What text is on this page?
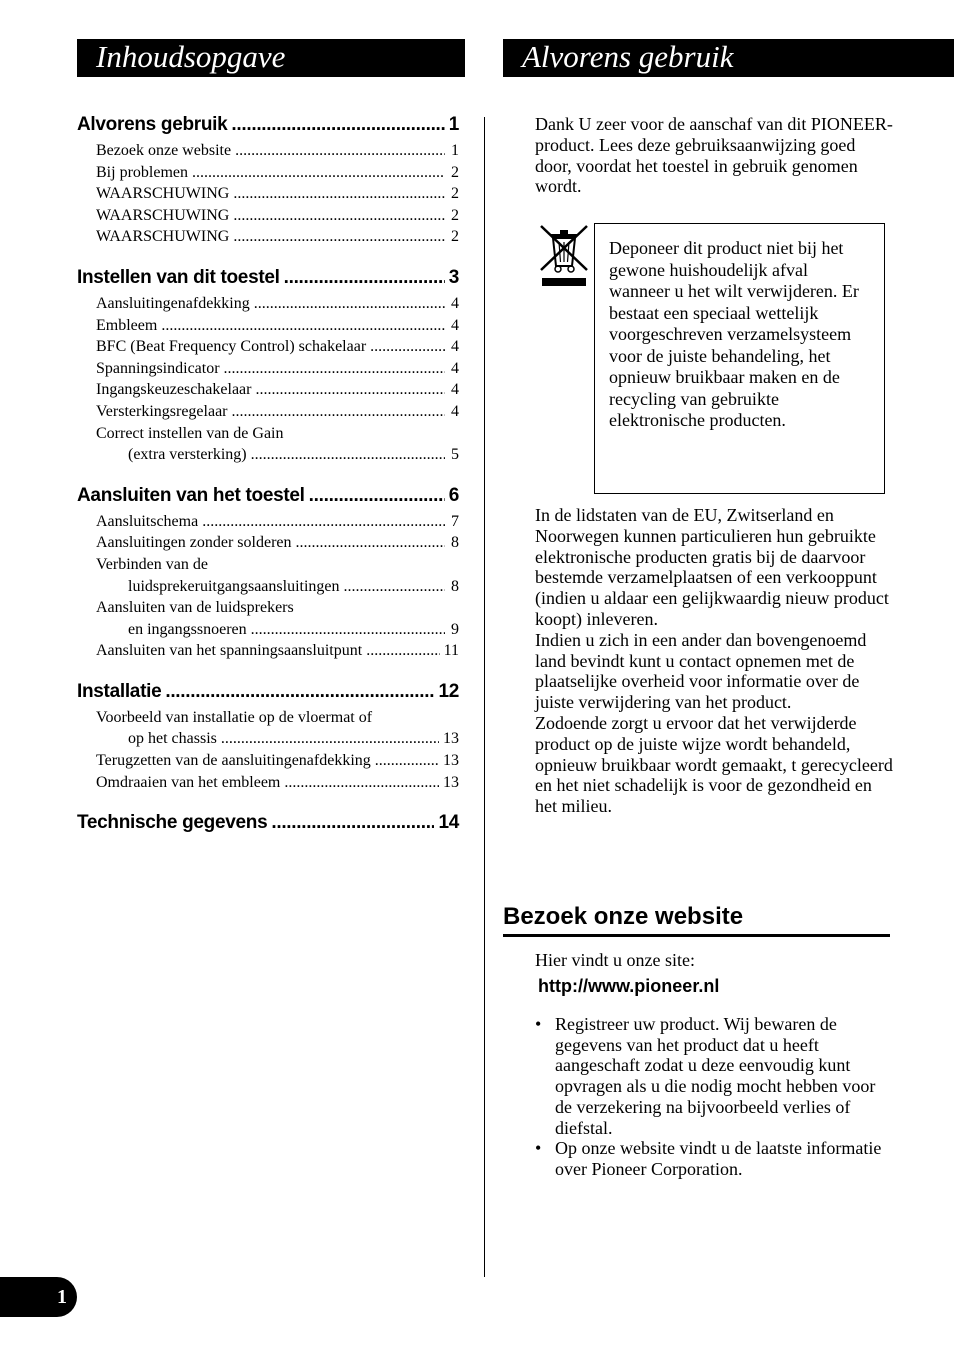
Inhoudsopgave	Alvorens gebruik
Alvorens gebruik .....	1
Bezoek onze website .....	1
Bij problemen .....	2
WAARSCHUWING .....	2
WAARSCHUWING .....	2
WAARSCHUWING .....	2
Instellen van dit toestel .....	3
Aansluitingenafdekking .....	4
Embleem .....	4
BFC (Beat Frequency Control) schakelaar .....	4
Spanningsindicator .....	4
Ingangskeuzeschakelaar .....	4
Versterkingsregelaar .....	4
Correct instellen van de Gain
(extra versterking) .....	5
Aansluiten van het toestel .....	6
Aansluitschema .....	7
Aansluitingen zonder solderen .....	8
Verbinden van de
luidsprekeruitgangsaansluitingen .....	8
Aansluiten van de luidsprekers
en ingangssnoeren .....	9
Aansluiten van het spanningsaansluitpunt .....	11
Installatie .....	12
Voorbeeld van installatie op de vloermat of
op het chassis .....	13
Terugzetten van de aansluitingenafdekking .....	13
Omdraaien van het embleem .....	13
Technische gegevens .....	14

Dank U zeer voor de aanschaf van dit PIONEER-product. Lees deze gebruiksaanwijzing goed door, voordat het toestel in gebruik genomen wordt.

Deponeer dit product niet bij het gewone huishoudelijk afval wanneer u het wilt verwijderen. Er bestaat een speciaal wettelijk voorgeschreven verzamelsysteem voor de juiste behandeling, het opnieuw bruikbaar maken en de recycling van gebruikte elektronische producten.

In de lidstaten van de EU, Zwitserland en Noorwegen kunnen particulieren hun gebruikte elektronische producten gratis bij de daarvoor bestemde verzamelplaatsen of een verkooppunt (indien u aldaar een gelijkwaardig nieuw product koopt) inleveren.

Indien u zich in een ander dan bovengenoemd land bevindt kunt u contact opnemen met de plaatselijke overheid voor informatie over de juiste verwijdering van het product.

Zodoende zorgt u ervoor dat het verwijderde product op de juiste wijze wordt behandeld, opnieuw bruikbaar wordt gemaakt, t gerecycleerd en het niet schadelijk is voor de gezondheid en het milieu.

Bezoek onze website

Hier vindt u onze site:

http://www.pioneer.nl
• Registreer uw product. Wij bewaren de gegevens van het product dat u heeft aangeschaft zodat u deze eenvoudig kunt opvragen als u die nodig mocht hebben voor de verzekering na bijvoorbeeld verlies of diefstal.
• Op onze website vindt u de laatste informatie over Pioneer Corporation.
1
